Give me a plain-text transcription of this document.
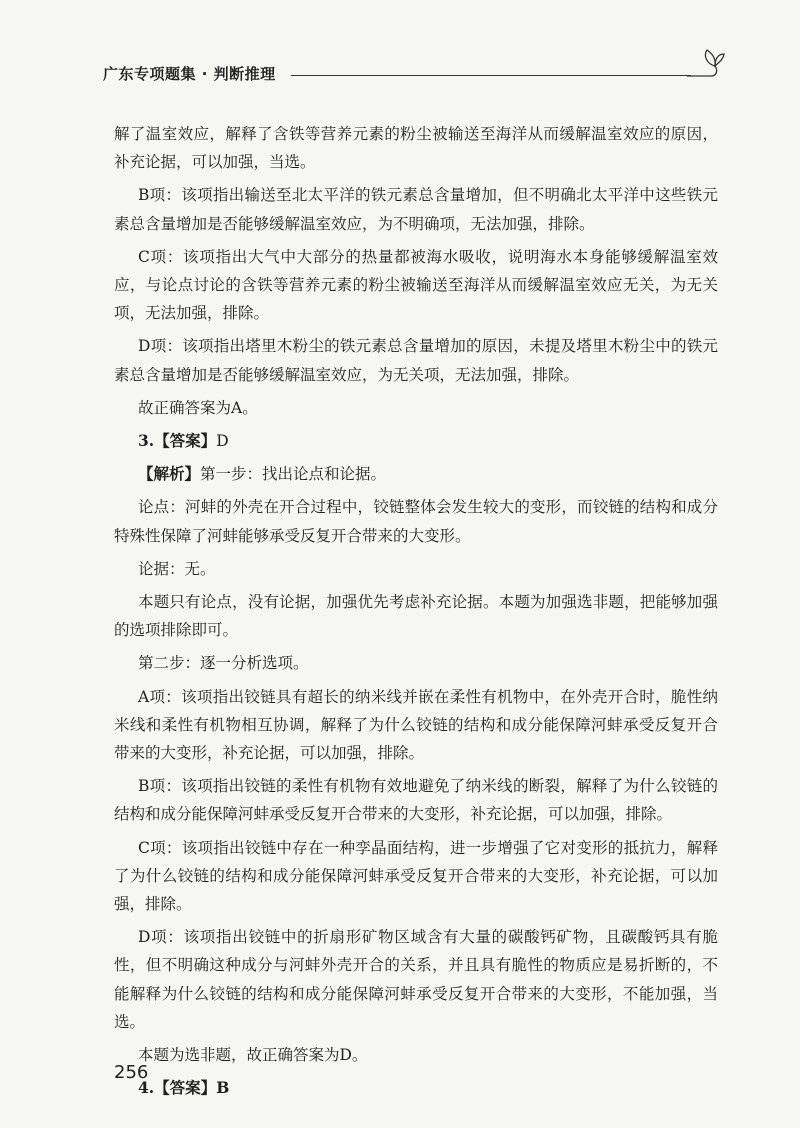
广东专项题集 · 判断推理

解了温室效应，解释了含铁等营养元素的粉尘被输送至海洋从而缓解温室效应的原因，补充论据，可以加强，当选。

B项：该项指出输送至北太平洋的铁元素总含量增加，但不明确北太平洋中这些铁元素总含量增加是否能够缓解温室效应，为不明确项，无法加强，排除。

C项：该项指出大气中大部分的热量都被海水吸收，说明海水本身能够缓解温室效应，与论点讨论的含铁等营养元素的粉尘被输送至海洋从而缓解温室效应无关，为无关项，无法加强，排除。

D项：该项指出塔里木粉尘的铁元素总含量增加的原因，未提及塔里木粉尘中的铁元素总含量增加是否能够缓解温室效应，为无关项，无法加强，排除。

故正确答案为A。

3.【答案】D

【解析】第一步：找出论点和论据。

论点：河蚌的外壳在开合过程中，铰链整体会发生较大的变形，而铰链的结构和成分特殊性保障了河蚌能够承受反复开合带来的大变形。

论据：无。

本题只有论点，没有论据，加强优先考虑补充论据。本题为加强选非题，把能够加强的选项排除即可。

第二步：逐一分析选项。

A项：该项指出铰链具有超长的纳米线并嵌在柔性有机物中，在外壳开合时，脆性纳米线和柔性有机物相互协调，解释了为什么铰链的结构和成分能保障河蚌承受反复开合带来的大变形，补充论据，可以加强，排除。

B项：该项指出铰链的柔性有机物有效地避免了纳米线的断裂，解释了为什么铰链的结构和成分能保障河蚌承受反复开合带来的大变形，补充论据，可以加强，排除。

C项：该项指出铰链中存在一种孪晶面结构，进一步增强了它对变形的抵抗力，解释了为什么铰链的结构和成分能保障河蚌承受反复开合带来的大变形，补充论据，可以加强，排除。

D项：该项指出铰链中的折扇形矿物区域含有大量的碳酸钙矿物，且碳酸钙具有脆性，但不明确这种成分与河蚌外壳开合的关系，并且具有脆性的物质应是易折断的，不能解释为什么铰链的结构和成分能保障河蚌承受反复开合带来的大变形，不能加强，当选。

本题为选非题，故正确答案为D。

4.【答案】B

256
